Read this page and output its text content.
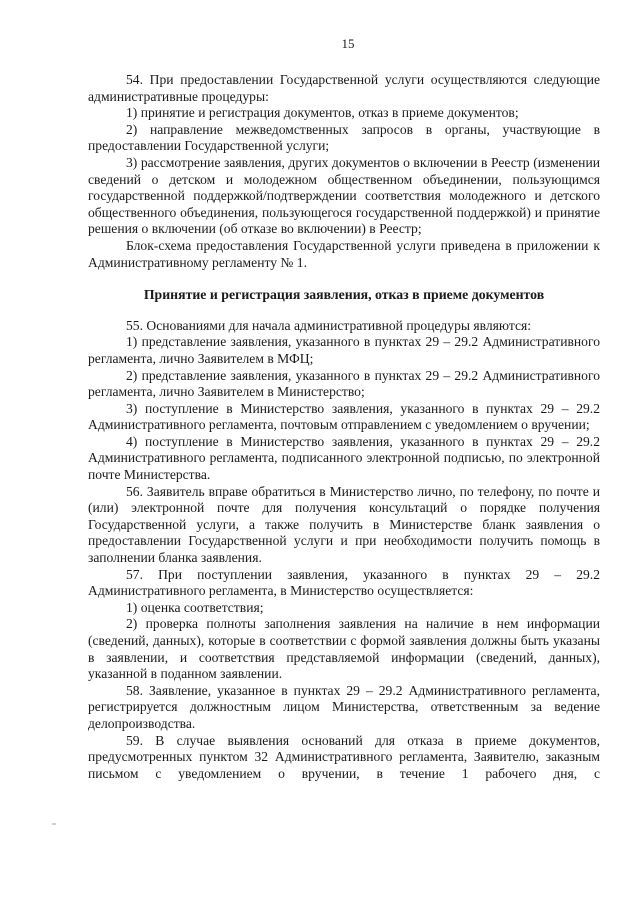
15

54. При предоставлении Государственной услуги осуществляются следующие административные процедуры:

1) принятие и регистрация документов, отказ в приеме документов;

2) направление межведомственных запросов в органы, участвующие в предоставлении Государственной услуги;

3) рассмотрение заявления, других документов о включении в Реестр (изменении сведений о детском и молодежном общественном объединении, пользующимся государственной поддержкой/подтверждении соответствия молодежного и детского общественного объединения, пользующегося государственной поддержкой) и принятие решения о включении (об отказе во включении) в Реестр;

Блок-схема предоставления Государственной услуги приведена в приложении к Административному регламенту № 1.

Принятие и регистрация заявления, отказ в приеме документов

55. Основаниями для начала административной процедуры являются:

1) представление заявления, указанного в пунктах 29 – 29.2 Административного регламента, лично Заявителем в МФЦ;

2) представление заявления, указанного в пунктах 29 – 29.2 Административного регламента, лично Заявителем в Министерство;

3) поступление в Министерство заявления, указанного в пунктах 29 – 29.2 Административного регламента, почтовым отправлением с уведомлением о вручении;

4) поступление в Министерство заявления, указанного в пунктах 29 – 29.2 Административного регламента, подписанного электронной подписью, по электронной почте Министерства.

56. Заявитель вправе обратиться в Министерство лично, по телефону, по почте и (или) электронной почте для получения консультаций о порядке получения Государственной услуги, а также получить в Министерстве бланк заявления о предоставлении Государственной услуги и при необходимости получить помощь в заполнении бланка заявления.

57. При поступлении заявления, указанного в пунктах 29 – 29.2 Административного регламента, в Министерство осуществляется:

1) оценка соответствия;

2) проверка полноты заполнения заявления на наличие в нем информации (сведений, данных), которые в соответствии с формой заявления должны быть указаны в заявлении, и соответствия представляемой информации (сведений, данных), указанной в поданном заявлении.

58. Заявление, указанное в пунктах 29 – 29.2 Административного регламента, регистрируется должностным лицом Министерства, ответственным за ведение делопроизводства.

59. В случае выявления оснований для отказа в приеме документов, предусмотренных пунктом 32 Административного регламента, Заявителю, заказным письмом с уведомлением о вручении, в течение 1 рабочего дня, с
